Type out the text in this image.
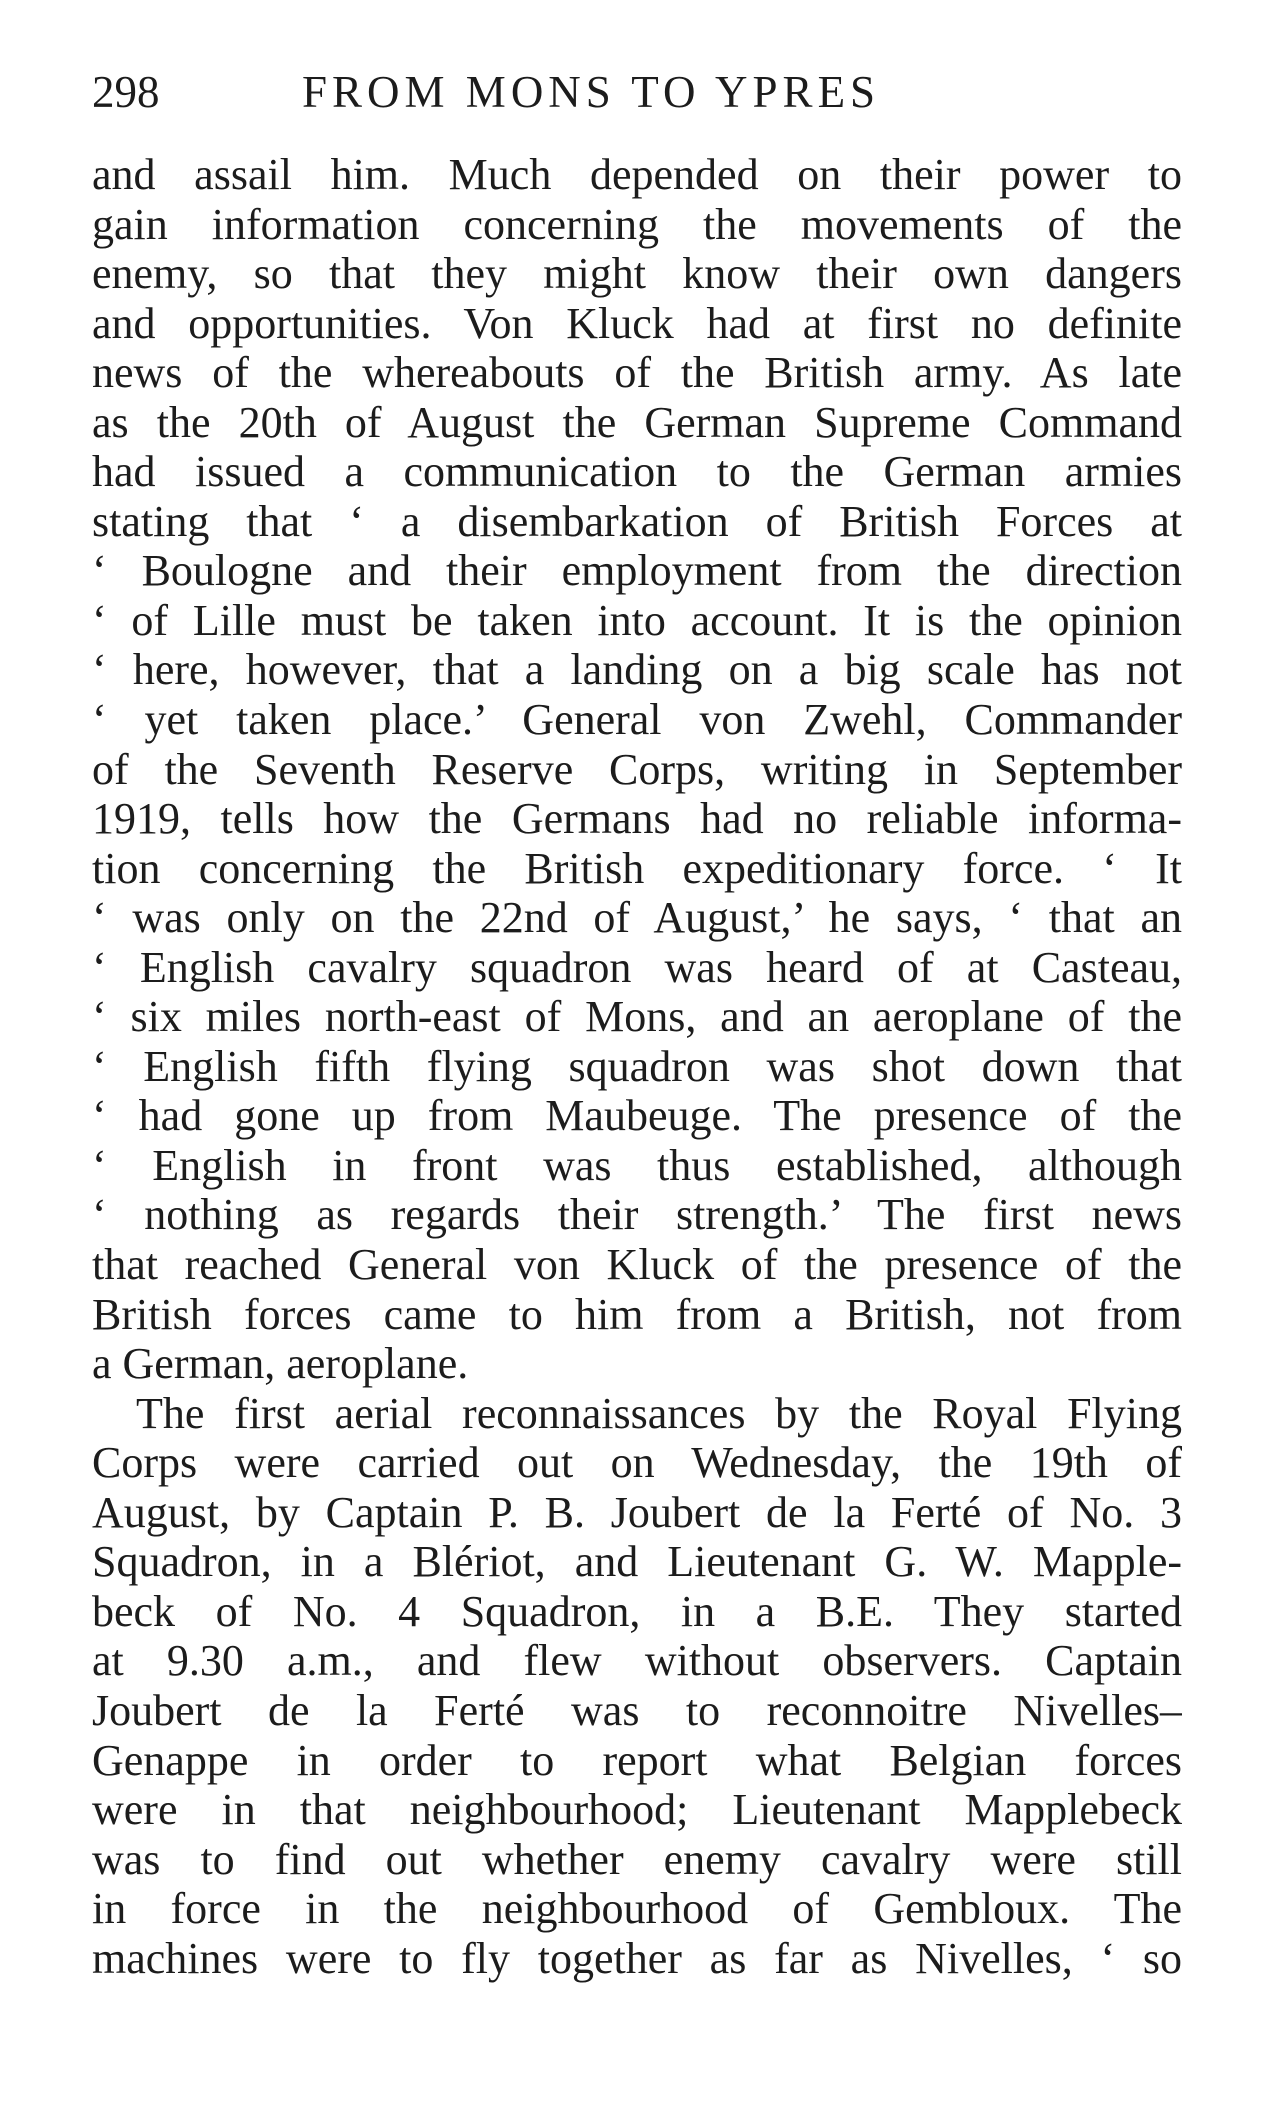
298	FROM MONS TO YPRES
and assail him. Much depended on their power to
gain information concerning the movements of the
enemy, so that they might know their own dangers
and opportunities. Von Kluck had at first no definite
news of the whereabouts of the British army. As late
as the 20th of August the German Supreme Command
had issued a communication to the German armies
stating that ‘ a disembarkation of British Forces at
‘ Boulogne and their employment from the direction
‘ of Lille must be taken into account. It is the opinion
‘ here, however, that a landing on a big scale has not
‘ yet taken place.’ General von Zwehl, Commander
of the Seventh Reserve Corps, writing in September
1919, tells how the Germans had no reliable informa-
tion concerning the British expeditionary force. ‘ It
‘ was only on the 22nd of August,’ he says, ‘ that an
‘ English cavalry squadron was heard of at Casteau,
‘ six miles north-east of Mons, and an aeroplane of the
‘ English fifth flying squadron was shot down that
‘ had gone up from Maubeuge. The presence of the
‘ English in front was thus established, although
‘ nothing as regards their strength.’ The first news
that reached General von Kluck of the presence of the
British forces came to him from a British, not from
a German, aeroplane.
The first aerial reconnaissances by the Royal Flying
Corps were carried out on Wednesday, the 19th of
August, by Captain P. B. Joubert de la Ferté of No. 3
Squadron, in a Blériot, and Lieutenant G. W. Mapple-
beck of No. 4 Squadron, in a B.E. They started
at 9.30 a.m., and flew without observers. Captain
Joubert de la Ferté was to reconnoitre Nivelles–
Genappe in order to report what Belgian forces
were in that neighbourhood; Lieutenant Mapplebeck
was to find out whether enemy cavalry were still
in force in the neighbourhood of Gembloux. The
machines were to fly together as far as Nivelles, ‘ so
